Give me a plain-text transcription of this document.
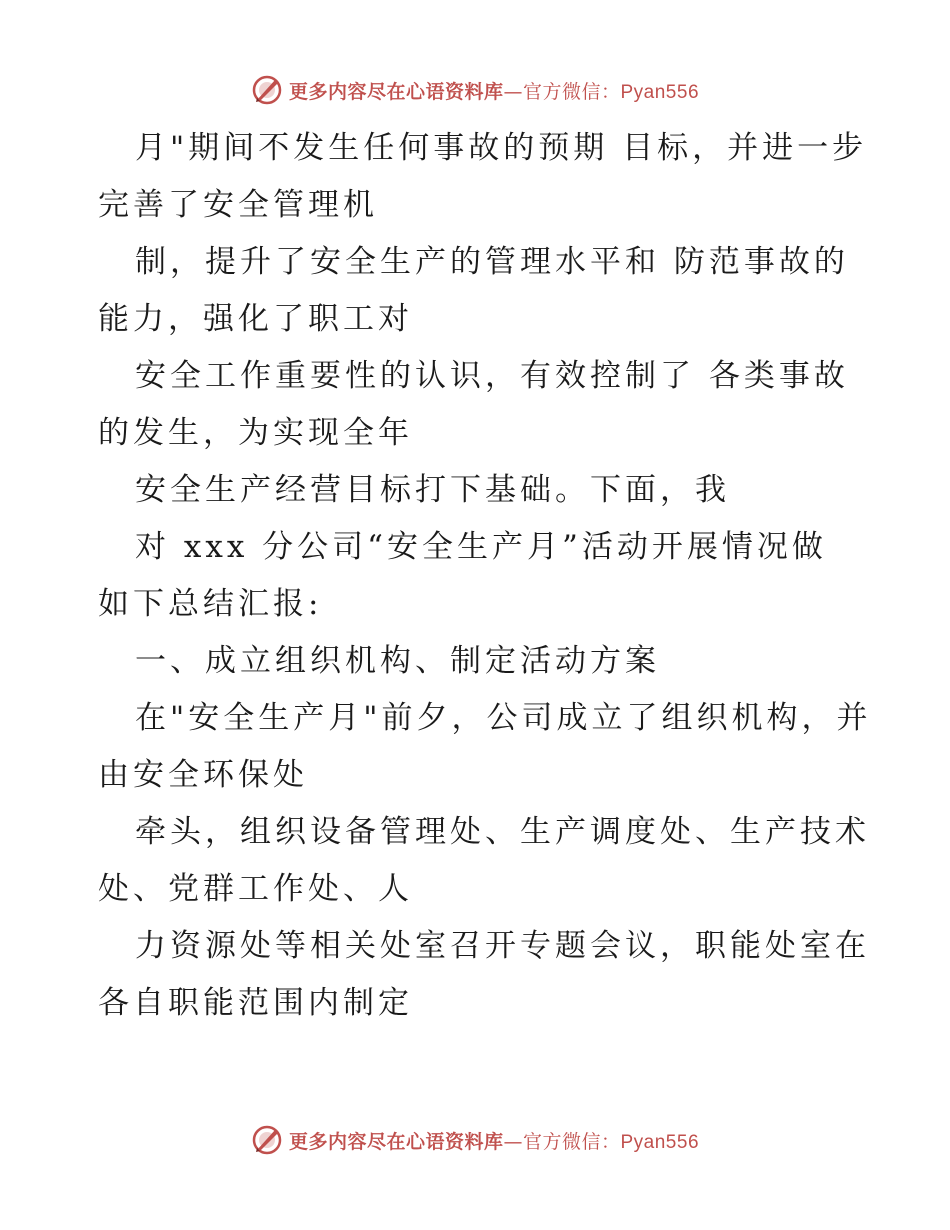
更多内容尽在心语资料库 —官方微信：Pyan556
月"期间不发生任何事故的预期 目标，并进一步
完善了安全管理机
制，提升了安全生产的管理水平和 防范事故的
能力，强化了职工对
安全工作重要性的认识，有效控制了 各类事故
的发生，为实现全年
安全生产经营目标打下基础。下面，我
对 xxx 分公司“安全生产月”活动开展情况做
如下总结汇报:
一、成立组织机构、制定活动方案
在"安全生产月"前夕，公司成立了组织机构，并
由安全环保处
牵头，组织设备管理处、生产调度处、生产技术
处、党群工作处、人
力资源处等相关处室召开专题会议，职能处室在
各自职能范围内制定
更多内容尽在心语资料库 —官方微信：Pyan556
